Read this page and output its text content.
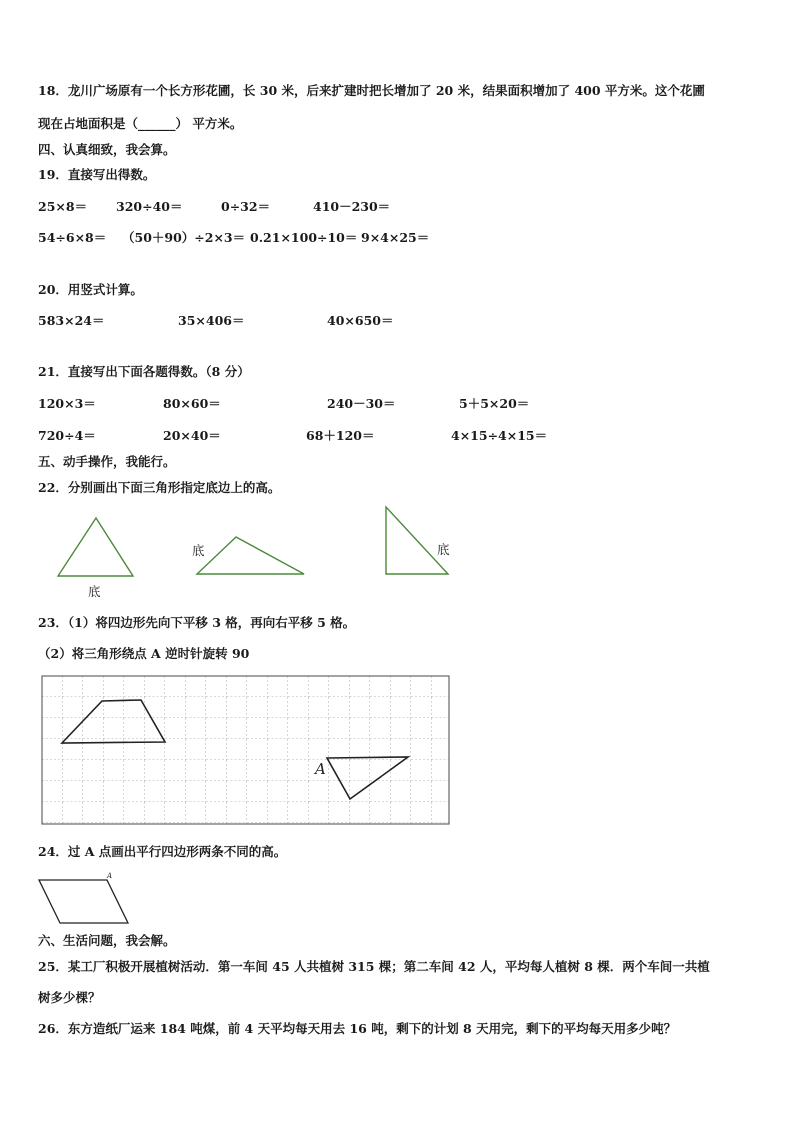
18．龙川广场原有一个长方形花圃，长 30 米，后来扩建时把长增加了 20 米，结果面积增加了 400 平方米。这个花圃
现在占地面积是（______） 平方米。
四、认真细致，我会算。
19．直接写出得数。
25×8＝ 320÷40＝	0÷32＝	410－230＝
54÷6×8＝ （50＋90）÷2×3＝ 0.21×100÷10＝ 9×4×25＝
20．用竖式计算。
583×24＝	35×406＝	40×650＝
21．直接写出下面各题得数。（8 分）
120×3＝	80×60＝	240－30＝	5＋5×20＝
720÷4＝	20×40＝	68＋120＝	4×15÷4×15＝
五、动手操作，我能行。
22．分别画出下面三角形指定底边上的高。
底
底	底
23．（1）将四边形先向下平移 3 格，再向右平移 5 格。
（2）将三角形绕点 A 逆时针旋转 90
A
24．过 A 点画出平行四边形两条不同的高。
A
六、生活问题，我会解。
25．某工厂积极开展植树活动．第一车间 45 人共植树 315 棵；第二车间 42 人，平均每人植树 8 棵．两个车间一共植
树多少棵？
26．东方造纸厂运来 184 吨煤，前 4 天平均每天用去 16 吨，剩下的计划 8 天用完，剩下的平均每天用多少吨？
